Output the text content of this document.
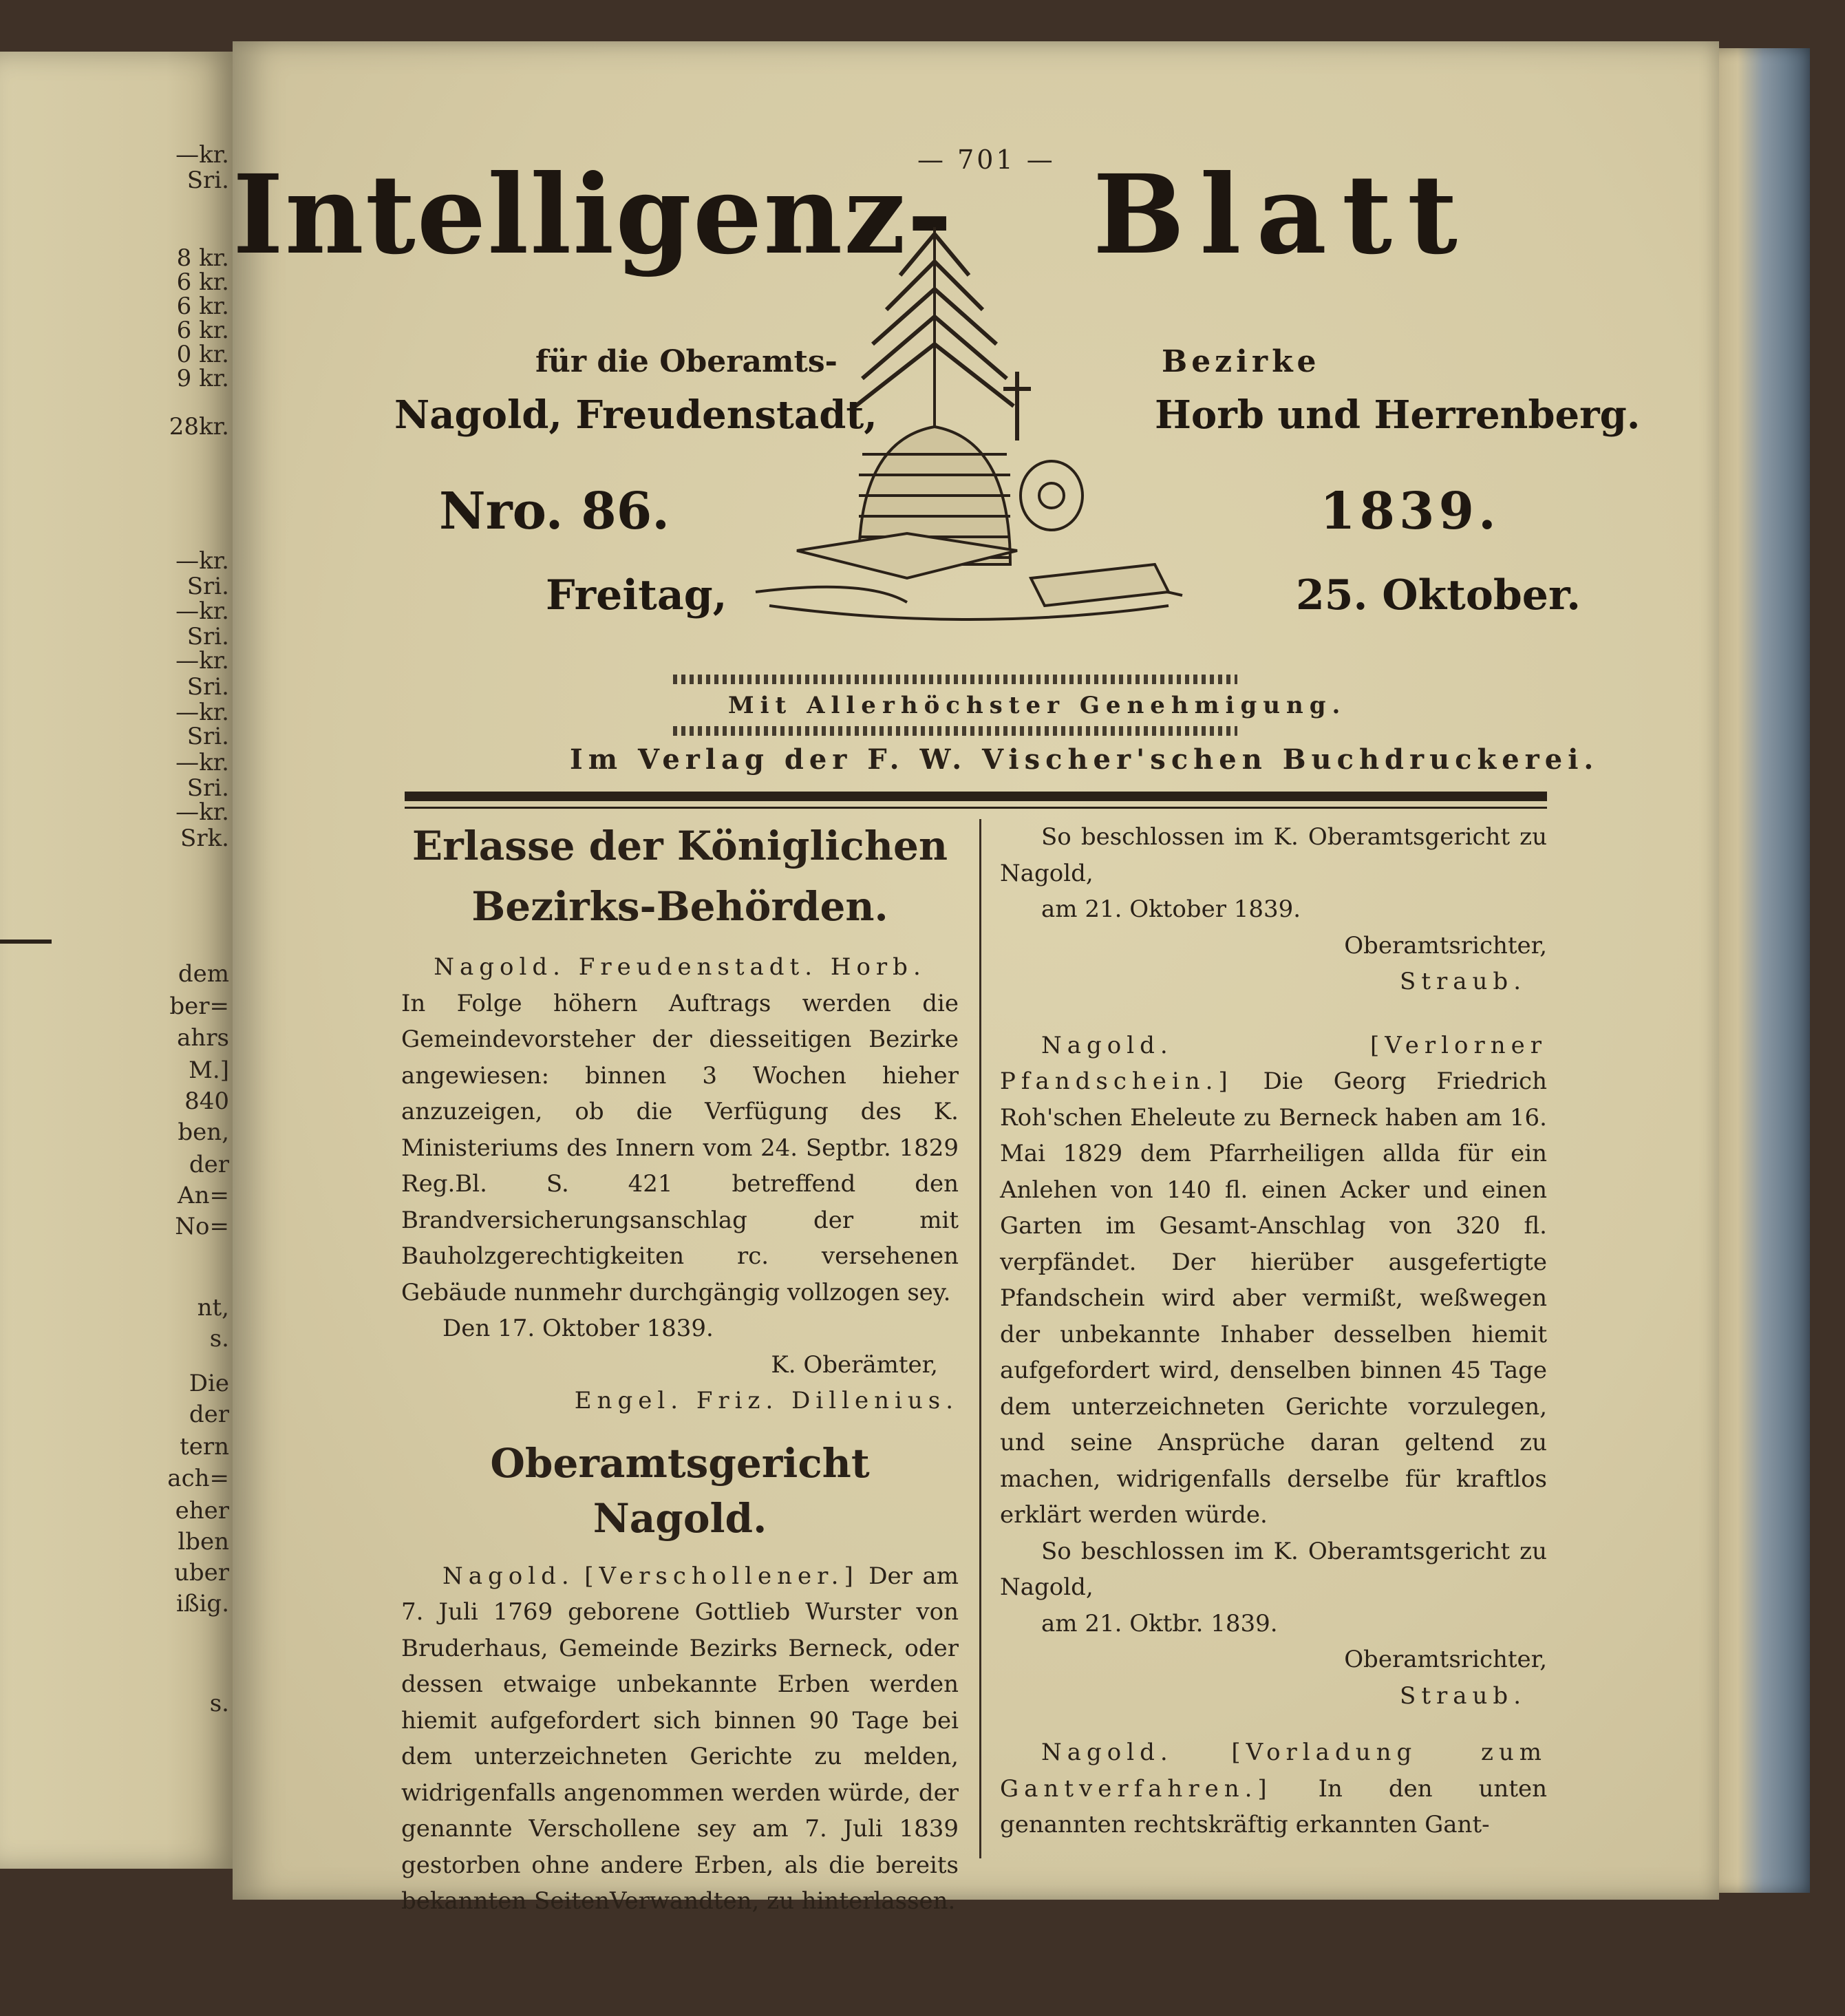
—kr.
Sri.
8 kr.
6 kr.
6 kr.
6 kr.
0 kr.
9 kr.
28kr.
—kr.
Sri.
—kr.
Sri.
—kr.
Sri.
—kr.
Sri.
—kr.
Sri.
—kr.
Srk.
dem
ber=
ahrs
M.]
840
ben,
der
An=
No=
nt,
s.
Die
der
tern
ach=
eher
lben
uber
ißig.
s.
— 701 —
Intelligenz- Blatt
für die Oberamts-	Bezirke
Nagold, Freudenstadt,	Horb und Herrenberg.
Nro. 86.	1839.
Freitag,	25. Oktober.
Mit Allerhöchster Genehmigung.
Im Verlag der F. W. Vischer'schen Buchdruckerei.
Erlasse der Königlichen Bezirks-Behörden.

Nagold. Freudenstadt. Horb.

In Folge höhern Auftrags werden die Gemeindevorsteher der diesseitigen Bezirke angewiesen: binnen 3 Wochen hieher anzuzeigen, ob die Verfügung des K. Ministeriums des Innern vom 24. Septbr. 1829 Reg.Bl. S. 421 betreffend den Brandversicherungsanschlag der mit Bauholzgerechtigkeiten rc. versehenen Gebäude nunmehr durchgängig vollzogen sey.

Den 17. Oktober 1839.

K. Oberämter,

Engel. Friz. Dillenius.

Oberamtsgericht Nagold.

Nagold. [Verschollener.] Der am 7. Juli 1769 geborene Gottlieb Wurster von Bruderhaus, Gemeinde Bezirks Berneck, oder dessen etwaige unbekannte Erben werden hiemit aufgefordert sich binnen 90 Tage bei dem unterzeichneten Gerichte zu melden, widrigenfalls angenommen werden würde, der genannte Verschollene sey am 7. Juli 1839 gestorben ohne andere Erben, als die bereits bekannten SeitenVerwandten, zu hinterlassen.

So beschlossen im K. Oberamtsgericht zu Nagold,

am 21. Oktober 1839.

Oberamtsrichter,

Straub.

Nagold.	[Verlorner Pfandschein.] Die Georg Friedrich Roh'schen Eheleute zu Berneck haben am 16. Mai 1829 dem Pfarrheiligen allda für ein Anlehen von 140 fl. einen Acker und einen Garten im Gesamt-Anschlag von 320 fl. verpfändet. Der hierüber ausgefertigte Pfandschein wird aber vermißt, weßwegen der unbekannte Inhaber desselben hiemit aufgefordert wird, denselben binnen 45 Tage dem unterzeichneten Gerichte vorzulegen, und seine Ansprüche daran geltend zu machen, widrigenfalls derselbe für kraftlos erklärt werden würde.

So beschlossen im K. Oberamtsgericht zu Nagold,

am 21. Oktbr. 1839.

Oberamtsrichter,

Straub.

Nagold. [Vorladung zum Gantverfahren.] In den unten genannten rechtskräftig erkannten Gant-
